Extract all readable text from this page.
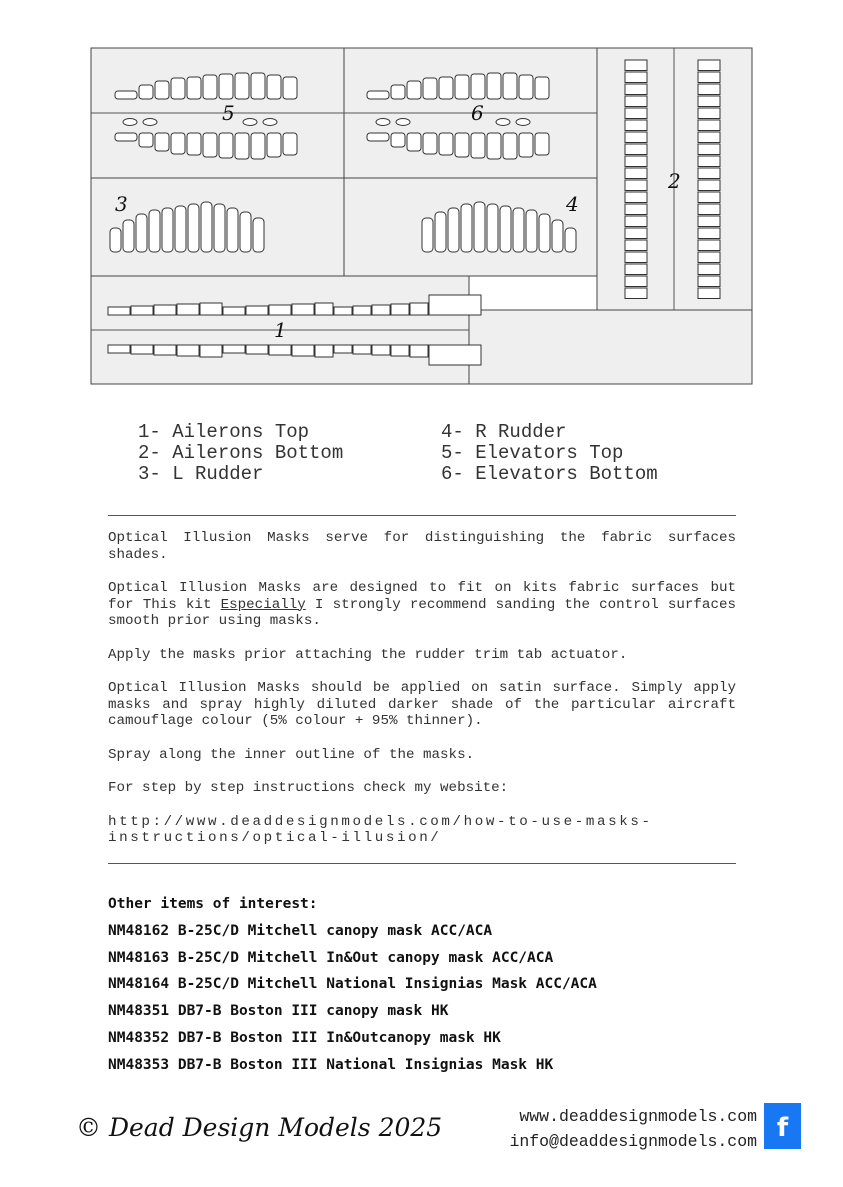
5	6
3	4
1
2
1- Ailerons Top
2- Ailerons Bottom
3- L Rudder
4- R Rudder
5- Elevators Top
6- Elevators Bottom

Optical Illusion Masks serve for distinguishing the fabric surfaces shades.

Optical Illusion Masks are designed to fit on kits fabric surfaces but for This kit Especially I strongly recommend sanding the control surfaces smooth prior using masks.

Apply the masks prior attaching the rudder trim tab actuator.

Optical Illusion Masks should be applied on satin surface. Simply apply masks and spray highly diluted darker shade of the particular aircraft camouflage colour (5% colour + 95% thinner).

Spray along the inner outline of the masks.

For step by step instructions check my website:

http://www.deaddesignmodels.com/how-to-use-masks-instructions/optical-illusion/

Other items of interest:
NM48162 B-25C/D Mitchell canopy mask ACC/ACA
NM48163 B-25C/D Mitchell In&Out canopy mask ACC/ACA
NM48164 B-25C/D Mitchell National Insignias Mask ACC/ACA
NM48351 DB7-B Boston III canopy mask HK
NM48352 DB7-B Boston III In&Outcanopy mask HK
NM48353 DB7-B Boston III National Insignias Mask HK
© Dead Design Models 2025	www.deaddesignmodels.com
info@deaddesignmodels.com f
